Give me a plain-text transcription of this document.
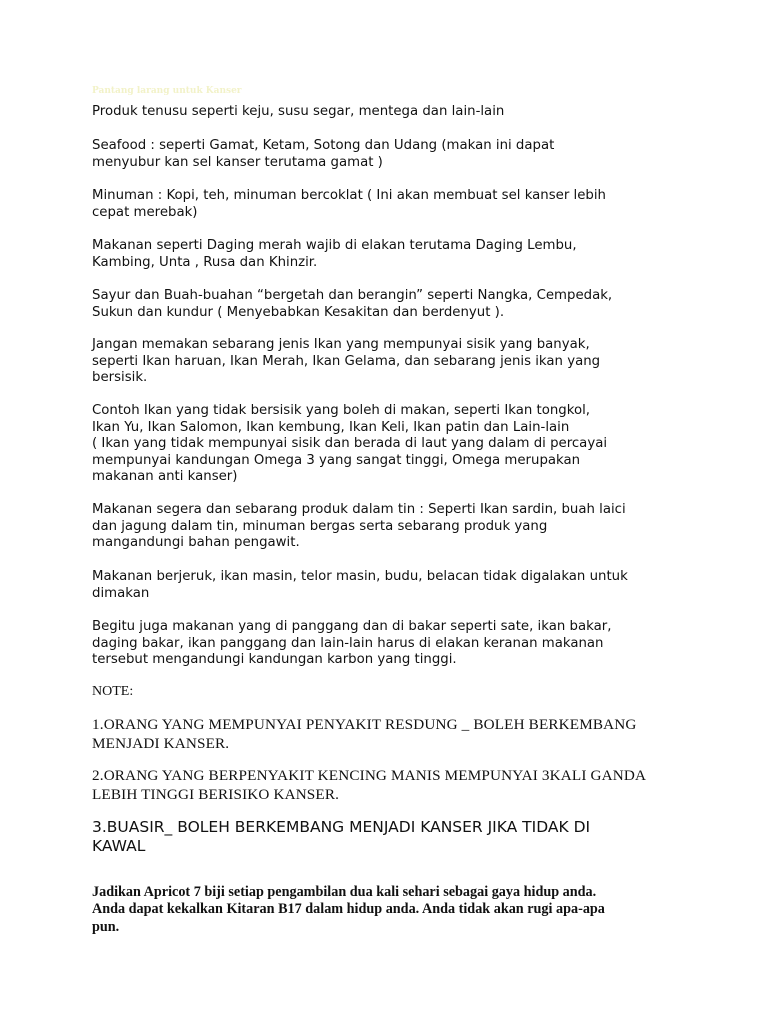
Pantang larang untuk Kanser

Produk tenusu seperti keju, susu segar, mentega dan lain-lain

Seafood : seperti Gamat, Ketam, Sotong dan Udang (makan ini dapat
menyubur kan sel kanser terutama gamat )

Minuman : Kopi, teh, minuman bercoklat ( Ini akan membuat sel kanser lebih
cepat merebak)

Makanan seperti Daging merah wajib di elakan terutama Daging Lembu,
Kambing, Unta , Rusa dan Khinzir.

Sayur dan Buah-buahan “bergetah dan berangin” seperti Nangka, Cempedak,
Sukun dan kundur ( Menyebabkan Kesakitan dan berdenyut ).

Jangan memakan sebarang jenis Ikan yang mempunyai sisik yang banyak,
seperti Ikan haruan, Ikan Merah, Ikan Gelama, dan sebarang jenis ikan yang
bersisik.

Contoh Ikan yang tidak bersisik yang boleh di makan, seperti Ikan tongkol,
Ikan Yu, Ikan Salomon, Ikan kembung, Ikan Keli, Ikan patin dan Lain-lain
( Ikan yang tidak mempunyai sisik dan berada di laut yang dalam di percayai
mempunyai kandungan Omega 3 yang sangat tinggi, Omega merupakan
makanan anti kanser)

Makanan segera dan sebarang produk dalam tin : Seperti Ikan sardin, buah laici
dan jagung dalam tin, minuman bergas serta sebarang produk yang
mangandungi bahan pengawit.

Makanan berjeruk, ikan masin, telor masin, budu, belacan tidak digalakan untuk
dimakan

Begitu juga makanan yang di panggang dan di bakar seperti sate, ikan bakar,
daging bakar, ikan panggang dan lain-lain harus di elakan keranan makanan
tersebut mengandungi kandungan karbon yang tinggi.

NOTE:

1.ORANG YANG MEMPUNYAI PENYAKIT RESDUNG _ BOLEH BERKEMBANG
MENJADI KANSER.

2.ORANG YANG BERPENYAKIT KENCING MANIS MEMPUNYAI 3KALI GANDA
LEBIH TINGGI BERISIKO KANSER.

3.BUASIR_ BOLEH BERKEMBANG MENJADI KANSER JIKA TIDAK DI
KAWAL

Jadikan Apricot 7 biji setiap pengambilan dua kali sehari sebagai gaya hidup anda.
Anda dapat kekalkan Kitaran B17 dalam hidup anda. Anda tidak akan rugi apa-apa
pun.
